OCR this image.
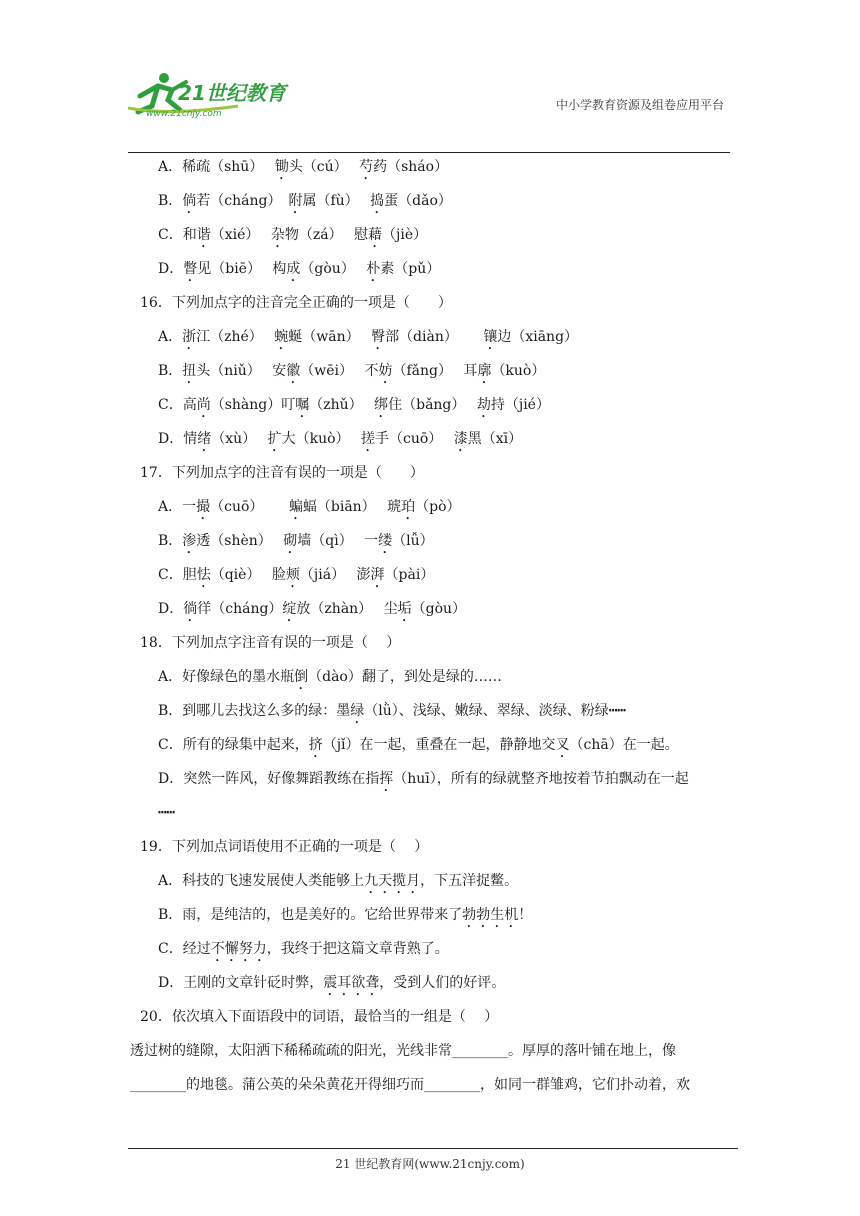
21世纪教育
www.21cnjy.com
中小学教育资源及组卷应用平台
A．稀疏（shū）　 锄头（cú）　 芍药（sháo）
B．倘若（cháng）　附属（fù）　 捣蛋（dǎo）
C．和谐（xié）　 杂物（zá）　 慰藉（jiè）
D．瞥见（biē）　 构成（gòu）　 朴素（pǔ）
16．下列加点字的注音完全正确的一项是（　　）
A．浙江（zhé）　 蜿蜒（wān）　 臀部（diàn）　　 镶边（xiāng）
B．扭头（niǔ）　 安徽（wēi）　 不妨（fǎng）　 耳廓（kuò）
C．高尚（shàng）叮嘱（zhǔ）　 绑住（bǎng）　 劫持（jié）
D．情绪（xù）　 扩大（kuò）　 搓手（cuō）　 漆黑（xī）
17．下列加点字的注音有误的一项是（　　）
A．一撮（cuō）　　 蝙蝠（biān）　 琥珀（pò）
B．渗透（shèn）　 砌墙（qì）　 一缕（lǚ）
C．胆怯（qiè）　 脸颊（jiá）　 澎湃（pài）
D．徜徉（cháng）绽放（zhàn）　 尘垢（gòu）
18．下列加点字注音有误的一项是（　 ）
A．好像绿色的墨水瓶倒（dào）翻了，到处是绿的……
B．到哪儿去找这么多的绿：墨绿（lǜ）、浅绿、嫩绿、翠绿、淡绿、粉绿┅┅
C．所有的绿集中起来，挤（jǐ）在一起，重叠在一起，静静地交叉（chā）在一起。
D．突然一阵风，好像舞蹈教练在指挥（huī），所有的绿就整齐地按着节拍飘动在一起
┅┅
19．下列加点词语使用不正确的一项是（　 ）
A．科技的飞速发展使人类能够上九天揽月，下五洋捉鳖。
B．雨，是纯洁的，也是美好的。它给世界带来了勃勃生机！
C．经过不懈努力，我终于把这篇文章背熟了。
D．王刚的文章针砭时弊，震耳欲聋，受到人们的好评。
20．依次填入下面语段中的词语，最恰当的一组是（　 ）
透过树的缝隙，太阳洒下稀稀疏疏的阳光，光线非常________。厚厚的落叶铺在地上，像
________的地毯。蒲公英的朵朵黄花开得细巧而________，如同一群雏鸡，它们扑动着，欢
21 世纪教育网(www.21cnjy.com)
